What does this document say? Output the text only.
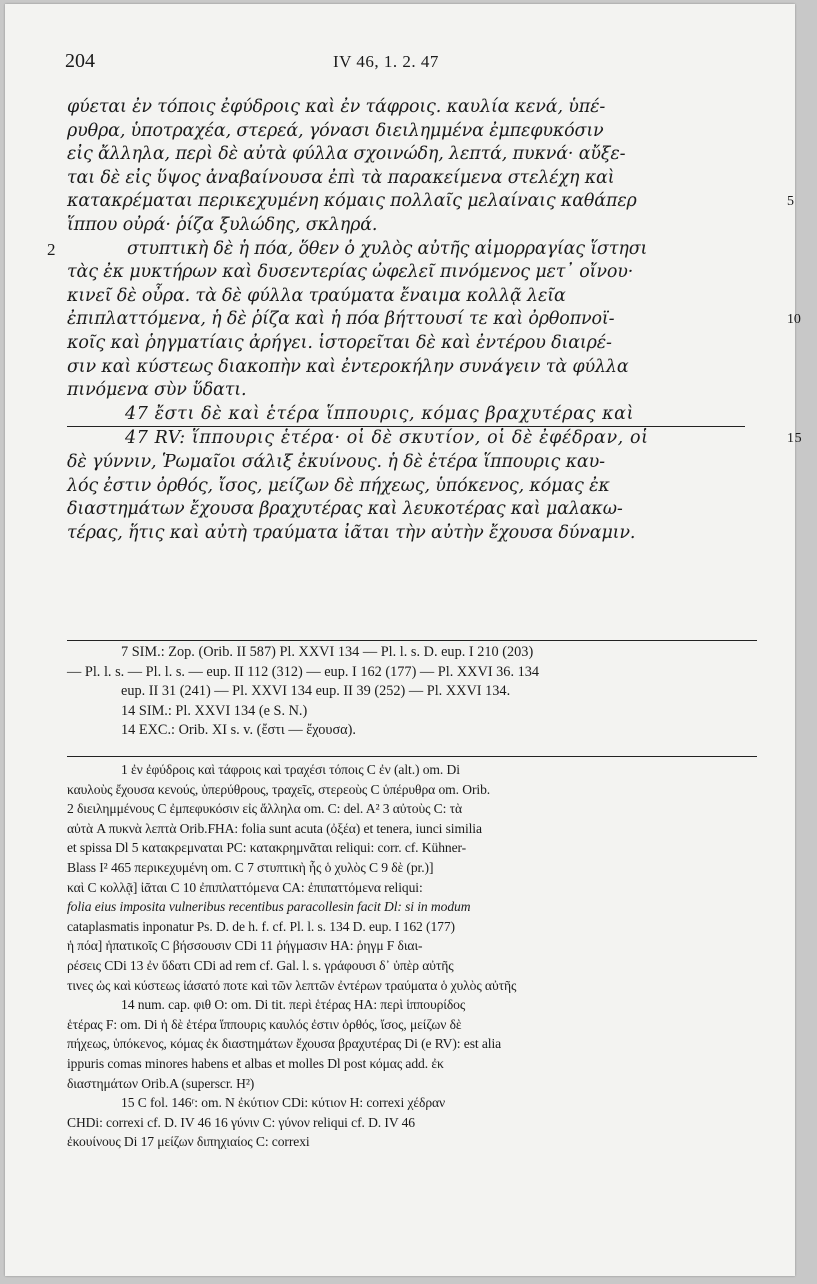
204	IV 46, 1. 2. 47
φύεται ἐν τόποις ἐφύδροις καὶ ἐν τάφροις. καυλία κενά, ὑπέ-
ρυθρα, ὑποτραχέα, στερεά, γόνασι διειλημμένα ἐμπεφυκόσιν
εἰς ἄλληλα, περὶ δὲ αὐτὰ φύλλα σχοινώδη, λεπτά, πυκνά· αὔξε-
ται δὲ εἰς ὕψος ἀναβαίνουσα ἐπὶ τὰ παρακείμενα στελέχη καὶ
κατακρέμαται περικεχυμένη κόμαις πολλαῖς μελαίναις καθάπερ	5
ἵππου οὐρά· ῥίζα ξυλώδης, σκληρά.
2	στυπτικὴ δὲ ἡ πόα, ὅθεν ὁ χυλὸς αὐτῆς αἱμορραγίας ἵστησι
τὰς ἐκ μυκτήρων καὶ δυσεντερίας ὠφελεῖ πινόμενος μετ᾽ οἴνου·
κινεῖ δὲ οὖρα. τὰ δὲ φύλλα τραύματα ἔναιμα κολλᾷ λεῖα
ἐπιπλαττόμενα, ἡ δὲ ῥίζα καὶ ἡ πόα βήττουσί τε καὶ ὀρθοπνοϊ-	10
κοῖς καὶ ῥηγματίαις ἀρήγει. ἱστορεῖται δὲ καὶ ἐντέρου διαιρέ-
σιν καὶ κύστεως διακοπὴν καὶ ἐντεροκήλην συνάγειν τὰ φύλλα
πινόμενα σὺν ὕδατι.
47 ἔστι δὲ καὶ ἑτέρα ἵππουρις, κόμας βραχυτέρας καὶ
47 RV: ἵππουρις ἑτέρα· οἱ δὲ σκυτίον, οἱ δὲ ἐφέδραν, οἱ	15
δὲ γύννιν, Ῥωμαῖοι σάλιξ ἐκυίνους. ἡ δὲ ἑτέρα ἵππουρις καυ-
λός ἐστιν ὀρθός, ἴσος, μείζων δὲ πήχεως, ὑπόκενος, κόμας ἐκ
διαστημάτων ἔχουσα βραχυτέρας καὶ λευκοτέρας καὶ μαλακω-
τέρας, ἥτις καὶ αὐτὴ τραύματα ἰᾶται τὴν αὐτὴν ἔχουσα δύναμιν.
7 SIM.: Zop. (Orib. II 587) Pl. XXVI 134 — Pl. l. s. D. eup. I 210 (203)
— Pl. l. s. — Pl. l. s. — eup. II 112 (312) — eup. I 162 (177) — Pl. XXVI 36. 134
eup. II 31 (241) — Pl. XXVI 134 eup. II 39 (252) — Pl. XXVI 134.
14 SIM.: Pl. XXVI 134 (e S. N.)
14 EXC.: Orib. XI s. v. (ἔστι — ἔχουσα).
1 ἐν ἐφύδροις καὶ τάφροις καὶ τραχέσι τόποις C ἐν (alt.) om. Di
καυλοὺς ἔχουσα κενούς, ὑπερύθρους, τραχεῖς, στερεοὺς C ὑπέρυθρα om. Orib.
2 διειλημμένους C ἐμπεφυκόσιν εἰς ἄλληλα om. C: del. A² 3 αὐτοὺς C: τὰ
αὐτὰ A πυκνὰ λεπτὰ Orib.FHA: folia sunt acuta (ὀξέα) et tenera, iunci similia
et spissa Dl 5 κατακρεμναται PC: κατακρημνᾶται reliqui: corr. cf. Kühner-
Blass I² 465 περικεχυμένη om. C 7 στυπτικὴ ἧς ὁ χυλὸς C 9 δὲ (pr.)]
καὶ C κολλᾷ] ἰᾶται C 10 ἐπιπλαττόμενα CA: ἐπιπαττόμενα reliqui:
folia eius imposita vulneribus recentibus paracollesin facit Dl: si in modum
cataplasmatis inponatur Ps. D. de h. f. cf. Pl. l. s. 134 D. eup. I 162 (177)
ἡ πόα] ἡπατικοῖς C βήσσουσιν CDi 11 ῥήγμασιν HA: ῥηγμ F διαι-
ρέσεις CDi 13 ἐν ὕδατι CDi ad rem cf. Gal. l. s. γράφουσι δ᾽ ὑπὲρ αὐτῆς
τινες ὡς καὶ κύστεως ἰάσατό ποτε καὶ τῶν λεπτῶν ἐντέρων τραύματα ὁ χυλὸς αὐτῆς
14 num. cap. φιθ O: om. Di tit. περὶ ἑτέρας HA: περὶ ἱππουρίδος
ἑτέρας F: om. Di ἡ δὲ ἑτέρα ἵππουρις καυλός ἐστιν ὀρθός, ἴσος, μείζων δὲ
πήχεως, ὑπόκενος, κόμας ἐκ διαστημάτων ἔχουσα βραχυτέρας Di (e RV): est alia
ippuris comas minores habens et albas et molles Dl post κόμας add. ἐκ
διαστημάτων Orib.A (superscr. H²)
15 C fol. 146ʳ: om. N ἐκύτιον CDi: κύτιον H: correxi χέδραν
CHDi: correxi cf. D. IV 46 16 γύνιν C: γύνον reliqui cf. D. IV 46
ἐκουίνους Di 17 μείζων διπηχιαίος C: correxi
